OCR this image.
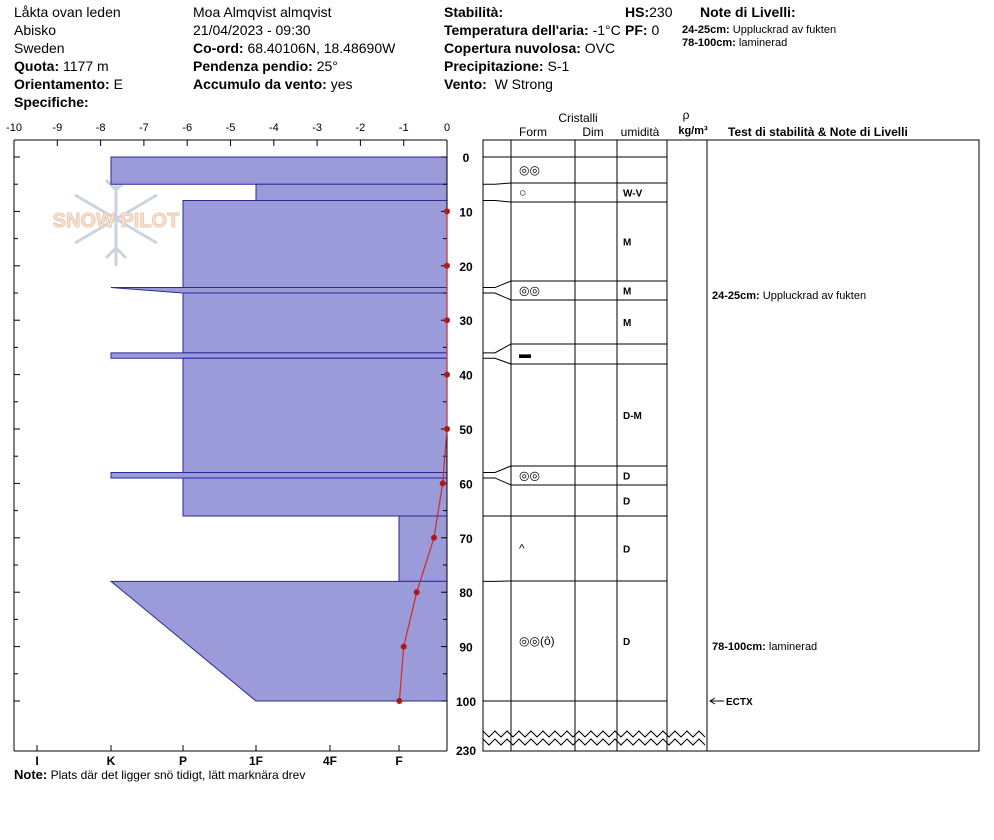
Låkta ovan leden
Abisko
Sweden
Quota: 1177 m
Orientamento: E
Specifiche:
Moa Almqvist almqvist
21/04/2023 - 09:30
Co-ord: 68.40106N, 18.48690W
Pendenza pendio: 25°
Accumulo da vento: yes
Stabilità:	HS:230
Temperatura dell'aria: -1°C PF: 0
Copertura nuvolosa: OVC
Precipitazione: S-1
Vento: W Strong
Note di Livelli:
24-25cm: Uppluckrad av fukten
78-100cm: laminerad
SNOW PILOT
-10	-9	-8	-7	-6	-5	-4	-3	-2	-1	0
0
10
20
30
40
50
60
70
80
90
100
230
I	K	P	1F	4F	F
◎◎
○	W-V
M
◎◎	M
M
▬
D-M
◎◎	D
D
^	D
◎◎(ô)	D
24-25cm: Uppluckrad av fukten
78-100cm: laminerad
ECTX
Cristalli
Form	Dim umidità
ρ
kg/m³ Test di stabilità & Note di Livelli
Note: Plats där det ligger snö tidigt, lätt marknära drev
